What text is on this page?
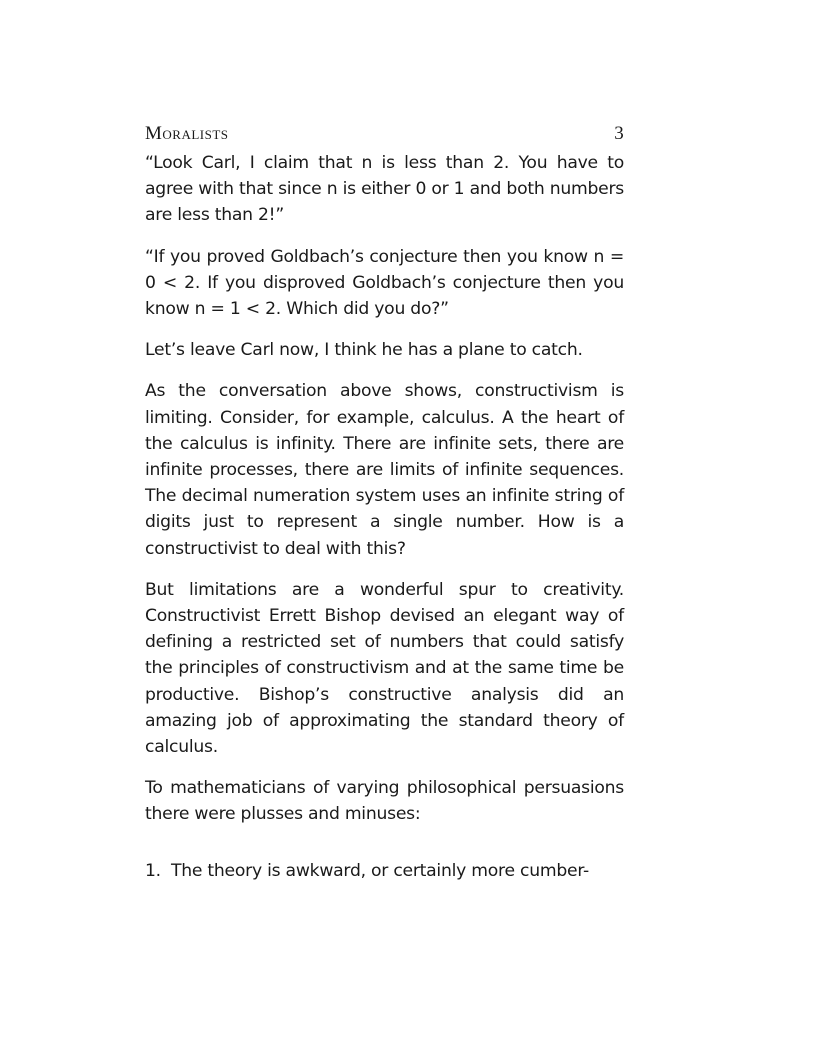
Moralists	3

“Look Carl, I claim that n is less than 2. You have to agree with that since n is either 0 or 1 and both numbers are less than 2!”

“If you proved Goldbach’s conjecture then you know n = 0 < 2. If you disproved Goldbach’s conjecture then you know n = 1 < 2. Which did you do?”

Let’s leave Carl now, I think he has a plane to catch.

As the conversation above shows, constructivism is limiting. Consider, for example, calculus. A the heart of the calculus is infinity. There are infinite sets, there are infinite processes, there are limits of infinite sequences. The decimal numeration system uses an infinite string of digits just to represent a single number. How is a constructivist to deal with this?

But limitations are a wonderful spur to creativity. Constructivist Errett Bishop devised an elegant way of defining a restricted set of numbers that could satisfy the principles of constructivism and at the same time be productive. Bishop’s constructive analysis did an amazing job of approximating the standard theory of calculus.

To mathematicians of varying philosophical persuasions there were plusses and minuses:

1. The theory is awkward, or certainly more cumber-
